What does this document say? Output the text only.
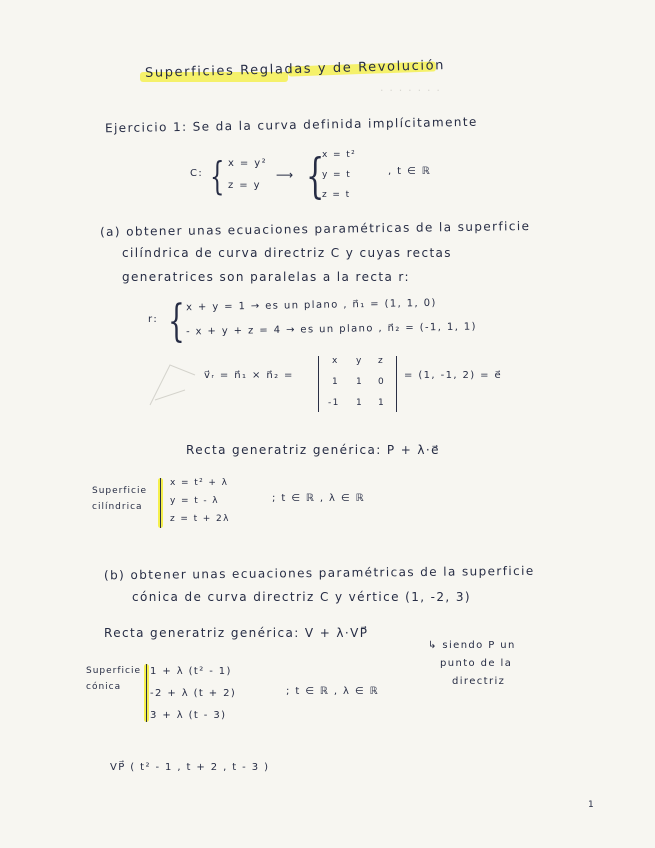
· · · · · · ·
Superficies Regladas y de Revolución
Ejercicio 1: Se da la curva definida implícitamente
C: { x = y²
z = y
⟶ {
x = t²
y = t
z = t
, t ∈ ℝ
(a) obtener unas ecuaciones paramétricas de la superficie
cilíndrica de curva directriz C y cuyas rectas
generatrices son paralelas a la recta r:
r: { x + y = 1 → es un plano , n⃗₁ = (1, 1, 0)
- x + y + z = 4 → es un plano , n⃗₂ = (-1, 1, 1)
v⃗ᵣ = n⃗₁ × n⃗₂ =
x y z
1 1 0
-1 1 1
= (1, -1, 2) = e⃗
Recta generatriz genérica: P + λ·e⃗
Superficie
cilíndrica
x = t² + λ
y = t - λ
z = t + 2λ
; t ∈ ℝ , λ ∈ ℝ
(b) obtener unas ecuaciones paramétricas de la superficie
cónica de curva directriz C y vértice (1, -2, 3)
Recta generatriz genérica: V + λ·VP⃗
↳ siendo P un
punto de la
directriz
Superficie
cónica
1 + λ (t² - 1)
-2 + λ (t + 2)
3 + λ (t - 3)
; t ∈ ℝ , λ ∈ ℝ
VP⃗ ( t² - 1 , t + 2 , t - 3 )
1
